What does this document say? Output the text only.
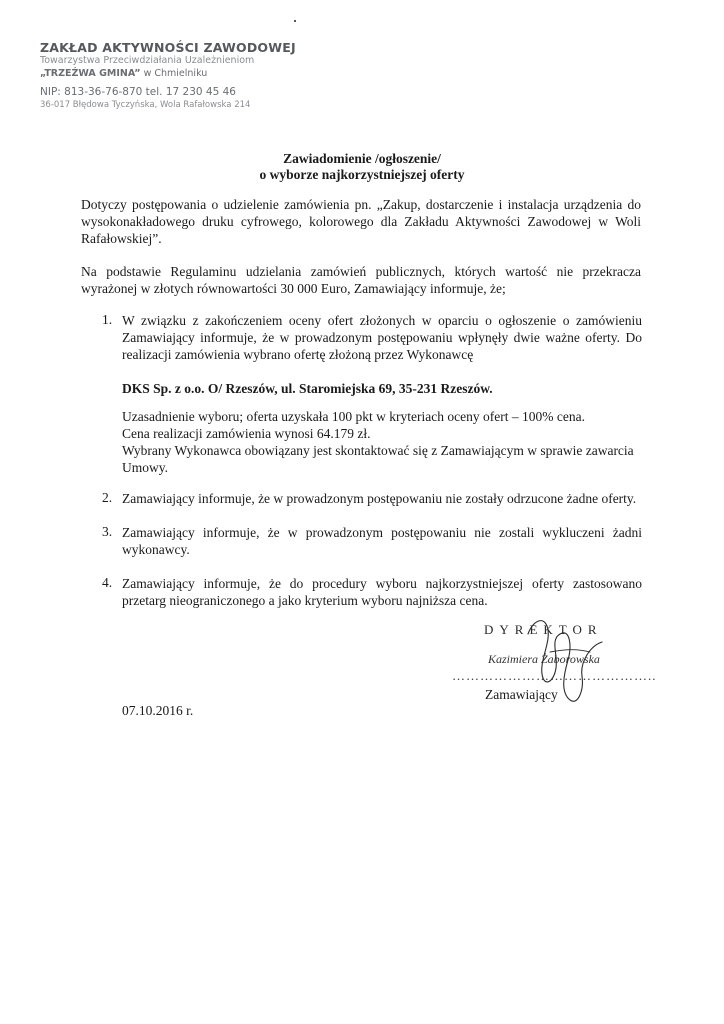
ZAKŁAD AKTYWNOŚCI ZAWODOWEJ
Towarzystwa Przeciwdziałania Uzależnieniom
„TRZEŹWA GMINA” w Chmielniku
NIP: 813-36-76-870 tel. 17 230 45 46
36-017 Błędowa Tyczyńska, Wola Rafałowska 214
Zawiadomienie /ogłoszenie/
o wyborze najkorzystniejszej oferty
Dotyczy postępowania o udzielenie zamówienia pn. „Zakup, dostarczenie i instalacja urządzenia do wysokonakładowego druku cyfrowego, kolorowego dla Zakładu Aktywności Zawodowej w Woli Rafałowskiej”.
Na podstawie Regulaminu udzielania zamówień publicznych, których wartość nie przekracza wyrażonej w złotych równowartości 30 000 Euro, Zamawiający informuje, że;
1. W związku z zakończeniem oceny ofert złożonych w oparciu o ogłoszenie o zamówieniu Zamawiający informuje, że w prowadzonym postępowaniu wpłynęły dwie ważne oferty. Do realizacji zamówienia wybrano ofertę złożoną przez Wykonawcę
DKS Sp. z o.o. O/ Rzeszów, ul. Staromiejska 69, 35-231 Rzeszów.
Uzasadnienie wyboru; oferta uzyskała 100 pkt w kryteriach oceny ofert – 100% cena.
Cena realizacji zamówienia wynosi 64.179 zł.
Wybrany Wykonawca obowiązany jest skontaktować się z Zamawiającym w sprawie zawarcia Umowy.
2. Zamawiający informuje, że w prowadzonym postępowaniu nie zostały odrzucone żadne oferty.
3. Zamawiający informuje, że w prowadzonym postępowaniu nie zostali wykluczeni żadni wykonawcy.
4. Zamawiający informuje, że do procedury wyboru najkorzystniejszej oferty zastosowano przetarg nieograniczonego a jako kryterium wyboru najniższa cena.
DYREKTOR
Kazimiera Żaborowska
……………………………………..
Zamawiający
07.10.2016 r.
